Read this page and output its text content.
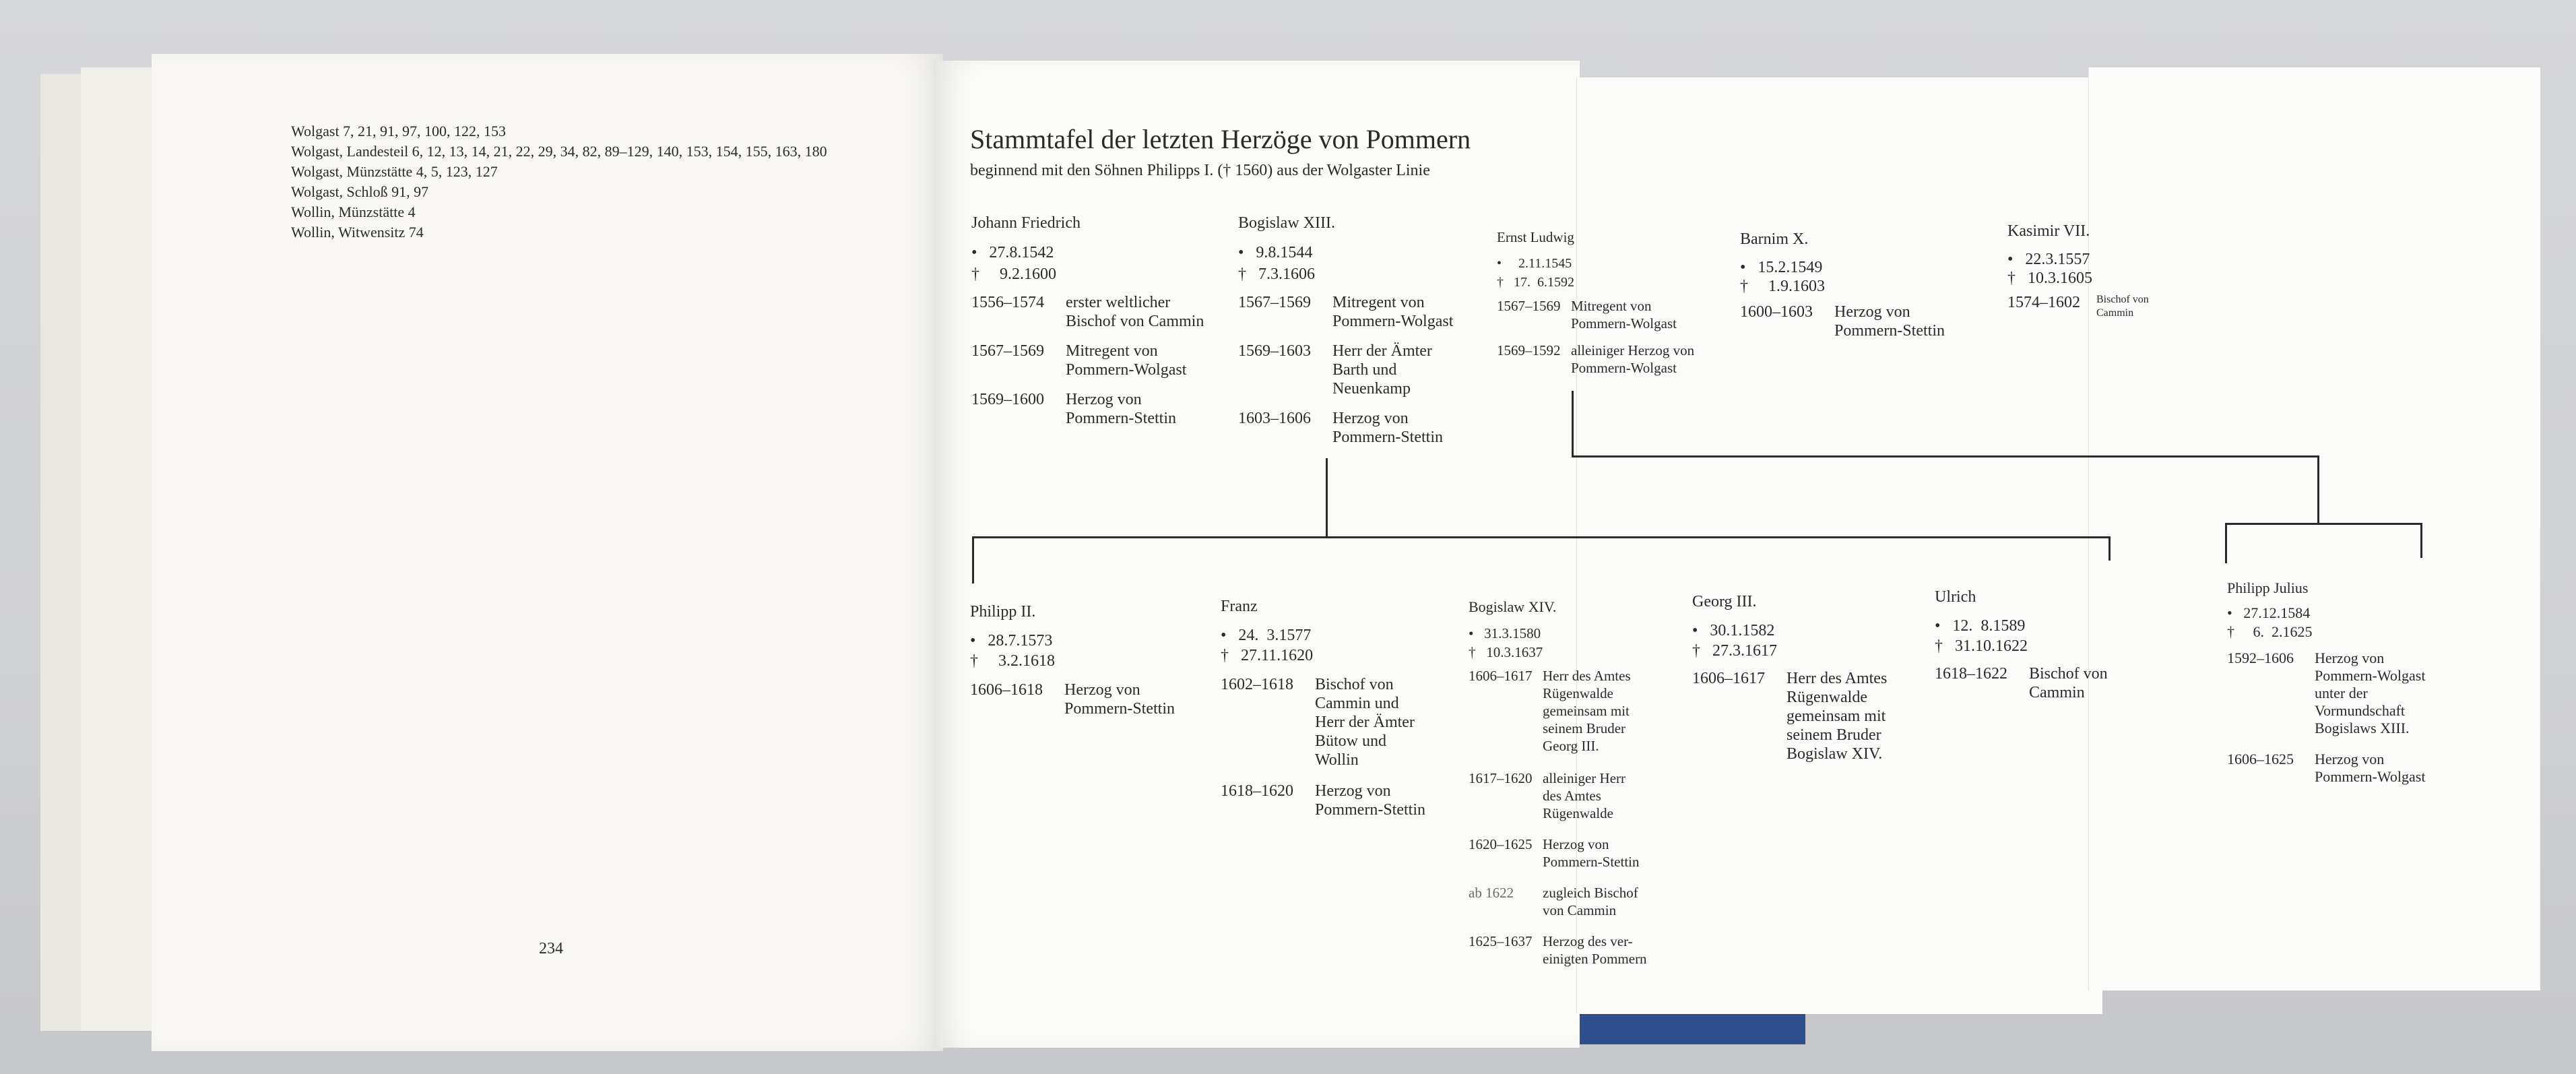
Wolgast 7, 21, 91, 97, 100, 122, 153
Wolgast, Landesteil 6, 12, 13, 14, 21, 22, 29, 34, 82, 89–129, 140, 153, 154, 155, 163, 180
Wolgast, Münzstätte 4, 5, 123, 127
Wolgast, Schloß 91, 97
Wollin, Münzstätte 4
Wollin, Witwensitz 74
234
Stammtafel der letzten Herzöge von Pommern
beginnend mit den Söhnen Philipps I. († 1560) aus der Wolgaster Linie
Johann Friedrich
•   27.8.1542
†     9.2.1600
1556–1574	erster weltlicher
Bischof von Cammin
1567–1569	Mitregent von
Pommern-Wolgast
1569–1600	Herzog von
Pommern-Stettin
Bogislaw XIII.
•   9.8.1544
†   7.3.1606
1567–1569	Mitregent von
Pommern-Wolgast
1569–1603	Herr der Ämter
Barth und
Neuenkamp
1603–1606	Herzog von
Pommern-Stettin
Ernst Ludwig
•     2.11.1545
†   17.  6.1592
1567–1569 Mitregent von
Pommern-Wolgast
1569–1592 alleiniger Herzog von
Pommern-Wolgast
Barnim X.
•   15.2.1549
†     1.9.1603
1600–1603	Herzog von
Pommern-Stettin
Kasimir VII.
•   22.3.1557
†   10.3.1605
1574–1602	Bischof von
Cammin
Philipp II.
•   28.7.1573
†     3.2.1618
1606–1618	Herzog von
Pommern-Stettin
Franz
•   24.  3.1577
†   27.11.1620
1602–1618	Bischof von
Cammin und
Herr der Ämter
Bütow und
Wollin
1618–1620	Herzog von
Pommern-Stettin
Bogislaw XIV.
•   31.3.1580
†   10.3.1637
1606–1617 Herr des Amtes
Rügenwalde
gemeinsam mit
seinem Bruder
Georg III.
1617–1620 alleiniger Herr
des Amtes
Rügenwalde
1620–1625 Herzog von
Pommern-Stettin
ab 1622	zugleich Bischof
von Cammin
1625–1637 Herzog des ver-
einigten Pommern
Georg III.
•   30.1.1582
†   27.3.1617
1606–1617	Herr des Amtes
Rügenwalde
gemeinsam mit
seinem Bruder
Bogislaw XIV.
Ulrich
•   12.  8.1589
†   31.10.1622
1618–1622	Bischof von
Cammin
Philipp Julius
•   27.12.1584
†     6.  2.1625
1592–1606	Herzog von
Pommern-Wolgast
unter der
Vormundschaft
Bogislaws XIII.
1606–1625	Herzog von
Pommern-Wolgast
